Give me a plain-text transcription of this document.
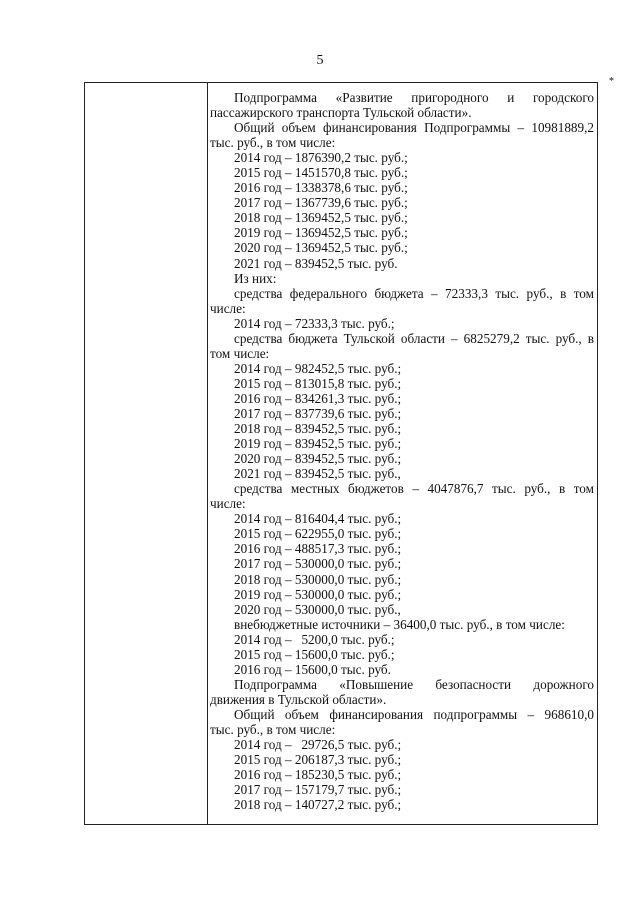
5
*
Подпрограмма «Развитие пригородного и городского
пассажирского транспорта Тульской области».
Общий объем финансирования Подпрограммы – 10981889,2
тыс. руб., в том числе:
2014 год – 1876390,2 тыс. руб.;
2015 год – 1451570,8 тыс. руб.;
2016 год – 1338378,6 тыс. руб.;
2017 год – 1367739,6 тыс. руб.;
2018 год – 1369452,5 тыс. руб.;
2019 год – 1369452,5 тыс. руб.;
2020 год – 1369452,5 тыс. руб.;
2021 год – 839452,5 тыс. руб.
Из них:
средства федерального бюджета – 72333,3 тыс. руб., в том
числе:
2014 год – 72333,3 тыс. руб.;
средства бюджета Тульской области – 6825279,2 тыс. руб., в
том числе:
2014 год – 982452,5 тыс. руб.;
2015 год – 813015,8 тыс. руб.;
2016 год – 834261,3 тыс. руб.;
2017 год – 837739,6 тыс. руб.;
2018 год – 839452,5 тыс. руб.;
2019 год – 839452,5 тыс. руб.;
2020 год – 839452,5 тыс. руб.;
2021 год – 839452,5 тыс. руб.,
средства местных бюджетов – 4047876,7 тыс. руб., в том
числе:
2014 год – 816404,4 тыс. руб.;
2015 год – 622955,0 тыс. руб.;
2016 год – 488517,3 тыс. руб.;
2017 год – 530000,0 тыс. руб.;
2018 год – 530000,0 тыс. руб.;
2019 год – 530000,0 тыс. руб.;
2020 год – 530000,0 тыс. руб.,
внебюджетные источники – 36400,0 тыс. руб., в том числе:
2014 год –   5200,0 тыс. руб.;
2015 год – 15600,0 тыс. руб.;
2016 год – 15600,0 тыс. руб.
Подпрограмма «Повышение безопасности дорожного
движения в Тульской области».
Общий объем финансирования подпрограммы – 968610,0
тыс. руб., в том числе:
2014 год –   29726,5 тыс. руб.;
2015 год – 206187,3 тыс. руб.;
2016 год – 185230,5 тыс. руб.;
2017 год – 157179,7 тыс. руб.;
2018 год – 140727,2 тыс. руб.;
